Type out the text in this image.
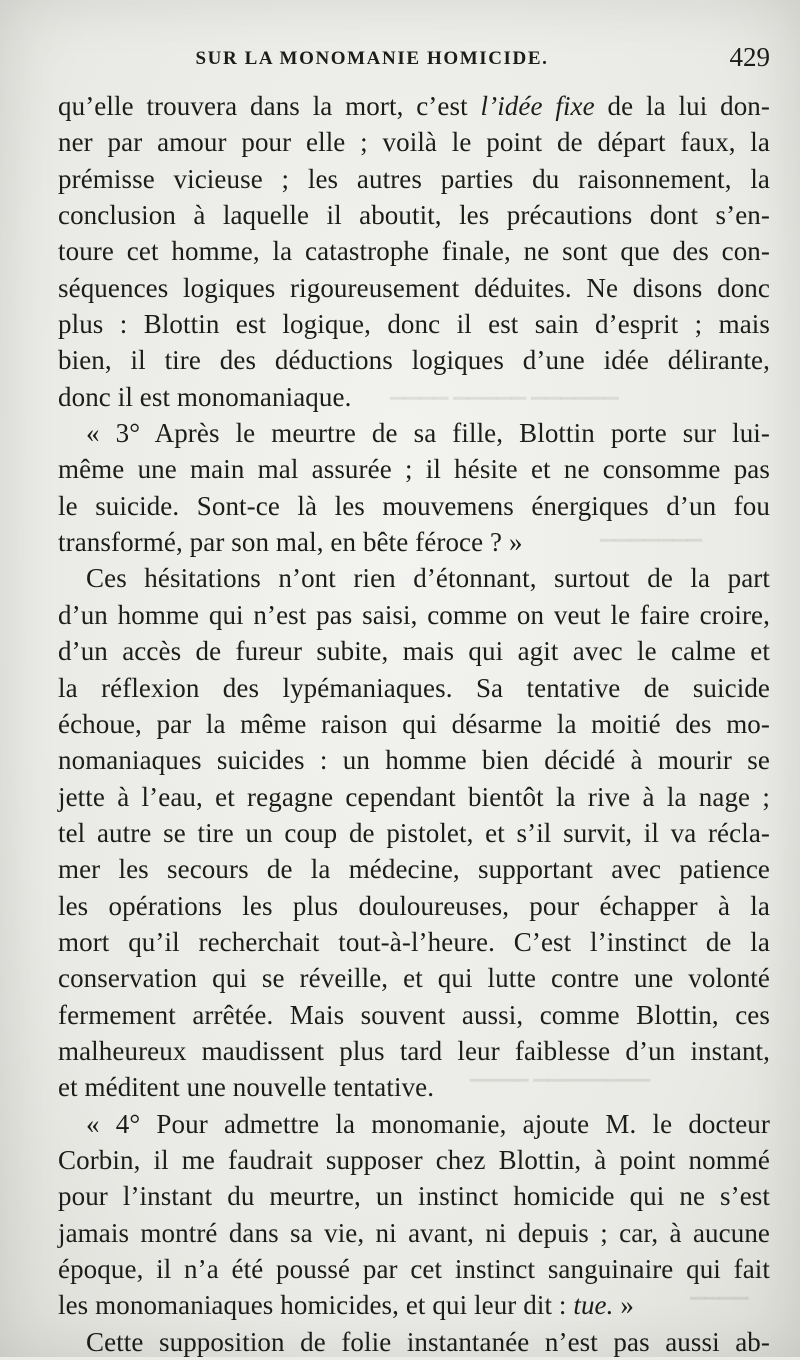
▁▁▁▁ ▁▁▁▁▁ ▁▁▁▁▁▁
▁▁▁▁▁▁▁
▁▁▁▁ ▁▁▁▁▁▁▁▁
▁▁▁▁
SUR LA MONOMANIE HOMICIDE.	429
qu’elle trouvera dans la mort, c’est l’idée fixe de la lui don-
ner par amour pour elle ; voilà le point de départ faux, la
prémisse vicieuse ; les autres parties du raisonnement, la
conclusion à laquelle il aboutit, les précautions dont s’en-
toure cet homme, la catastrophe finale, ne sont que des con-
séquences logiques rigoureusement déduites. Ne disons donc
plus : Blottin est logique, donc il est sain d’esprit ; mais
bien, il tire des déductions logiques d’une idée délirante,
donc il est monomaniaque.
« 3° Après le meurtre de sa fille, Blottin porte sur lui-
même une main mal assurée ; il hésite et ne consomme pas
le suicide. Sont-ce là les mouvemens énergiques d’un fou
transformé, par son mal, en bête féroce ? »
Ces hésitations n’ont rien d’étonnant, surtout de la part
d’un homme qui n’est pas saisi, comme on veut le faire croire,
d’un accès de fureur subite, mais qui agit avec le calme et
la réflexion des lypémaniaques. Sa tentative de suicide
échoue, par la même raison qui désarme la moitié des mo-
nomaniaques suicides : un homme bien décidé à mourir se
jette à l’eau, et regagne cependant bientôt la rive à la nage ;
tel autre se tire un coup de pistolet, et s’il survit, il va récla-
mer les secours de la médecine, supportant avec patience
les opérations les plus douloureuses, pour échapper à la
mort qu’il recherchait tout-à-l’heure. C’est l’instinct de la
conservation qui se réveille, et qui lutte contre une volonté
fermement arrêtée. Mais souvent aussi, comme Blottin, ces
malheureux maudissent plus tard leur faiblesse d’un instant,
et méditent une nouvelle tentative.
« 4° Pour admettre la monomanie, ajoute M. le docteur
Corbin, il me faudrait supposer chez Blottin, à point nommé
pour l’instant du meurtre, un instinct homicide qui ne s’est
jamais montré dans sa vie, ni avant, ni depuis ; car, à aucune
époque, il n’a été poussé par cet instinct sanguinaire qui fait
les monomaniaques homicides, et qui leur dit : tue. »
Cette supposition de folie instantanée n’est pas aussi ab-
